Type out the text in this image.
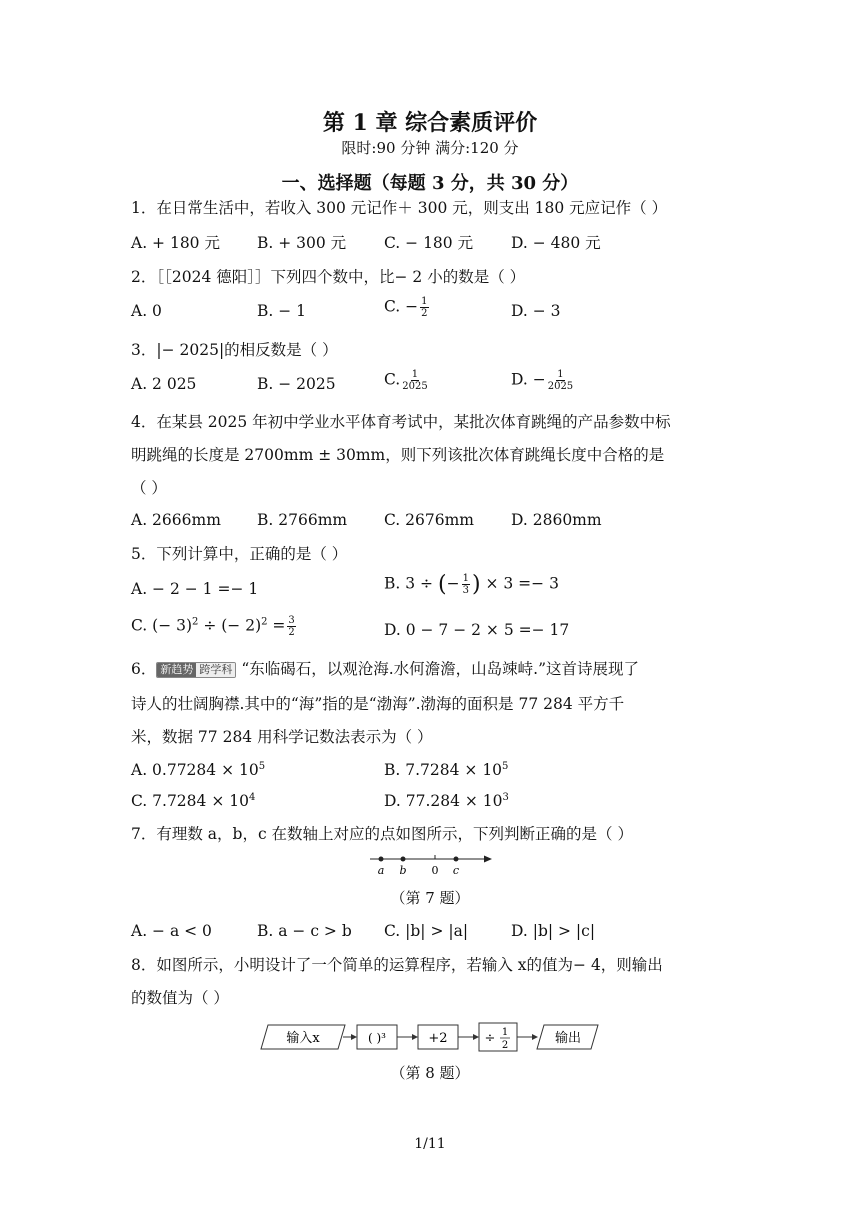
第 1 章 综合素质评价
限时:90 分钟 满分:120 分
一、选择题（每题 3 分，共 30 分）
1．在日常生活中，若收入 300 元记作＋ 300 元，则支出 180 元应记作（ ）
A. + 180 元 B. + 300 元 C. − 180 元 D. − 480 元
2．［［2024 德阳］］下列四个数中，比− 2 小的数是（ ）
A. 0	B. − 1	C. − $\frac{1}{2}$	D. − 3
3．|− 2025|的相反数是（ ）
A. 2 025	B. − 2025	C. $\frac{1}{2025}$	D. − $\frac{1}{2025}$
4．在某县 2025 年初中学业水平体育考试中，某批次体育跳绳的产品参数中标
明跳绳的长度是 2700mm ± 30mm，则下列该批次体育跳绳长度中合格的是
（ ）
A. 2666mm B. 2766mm C. 2676mm D. 2860mm
5．下列计算中，正确的是（ ）
A. − 2 − 1 =− 1	B. 3 ÷ (− $\frac{1}{3}$ ) × 3 =− 3
C. (− 3)$^2$ ÷ (− $2)^2 = \frac{3}{2}$	D. 0 − 7 − 2 × 5 =− 17
6． 新趋势 跨学科 “东临碣石，以观沧海.水何澹澹，山岛竦峙.”这首诗展现了
诗人的壮阔胸襟.其中的“海”指的是“渤海”.渤海的面积是 77 284 平方千
米，数据 77 284 用科学记数法表示为（ ）
A. $0.77284 \times 10^5$	B. $7.7284 \times 10^5$
C. $7.7284 \times 10^4$	D. $77.284 \times 10^3$
7．有理数 a，b，c 在数轴上对应的点如图所示，下列判断正确的是（ ）
a b 0 c
（第 7 题）
A. − a < 0	B. a − c > b C. |b| > |a|	D. |b| > |c|
8．如图所示，小明设计了一个简单的运算程序，若输入 x的值为− 4，则输出
的数值为（ ）
输入x	( )³	+2	÷ 1
2	输出
（第 8 题）
1/11
